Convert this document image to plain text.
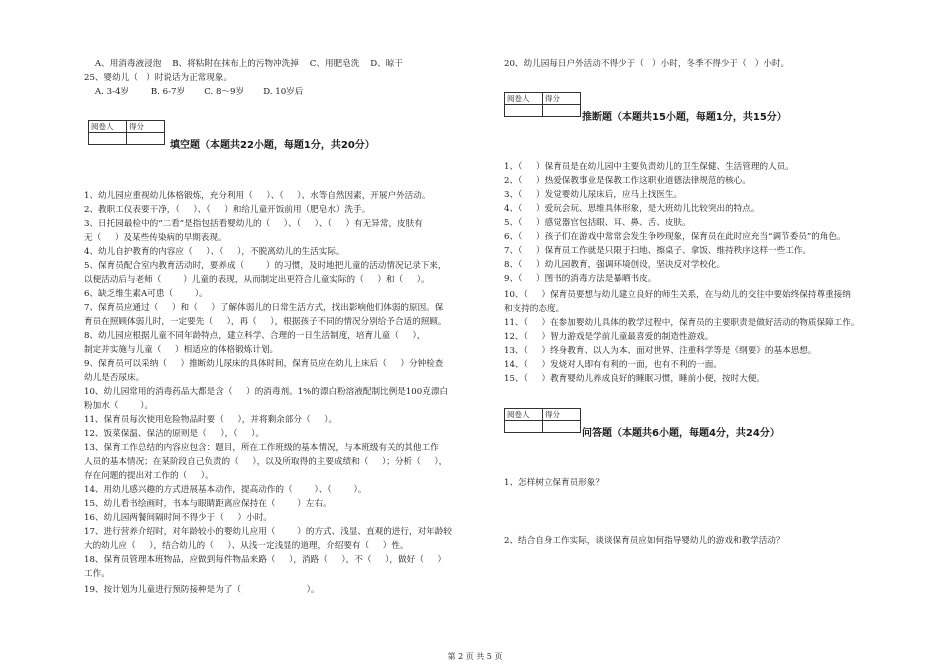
A、用消毒液浸泡    B、将粘附在抹布上的污物冲洗掉    C、用肥皂洗    D、晾干
25、婴幼儿（   ）时说话为正常现象。
A. 3-4岁        B. 6-7岁       C. 8～9岁       D. 10岁后
阅卷人	得分

填空题（本题共22小题，每题1分，共20分）
1、幼儿园应重视幼儿体格锻炼，充分利用（     ）、（     ）、水等自然因素，开展户外活动。
2、教职工仪表要干净，（     ）、（     ）和给儿童开饭前用（肥皂水）洗手。
3、日托园最检中的“二看”是指包括看婴幼儿的（     ）、（     ）、（     ）有无异常，皮肤有
无（     ）及某些传染病的早期表现。
4、幼儿自护教育的内容应（     ）、（     ），不脱离幼儿的生活实际。
5、保育员配合室内教育活动时，要养成（        ）的习惯，及时地把儿童的活动情况记录下来，
以便活动后与老师（        ）儿童的表现，从而制定出更符合儿童实际的（     ）和（     ）。
6、缺乏维生素A可患（        ）。
7、保育员应通过（     ）和（     ）了解体弱儿的日常生活方式，找出影响他们体弱的原因。保
育员在照顾体弱儿时，一定要先（     ），再（     ），根据孩子不同的情况分别给予合适的照顾。
8、幼儿园应根据儿童不同年龄特点，建立科学、合理的一日生活制度，培育儿童（     ），
制定并实施与儿童（     ）相适应的体格锻炼计划。
9、保育员可以采纳（     ）推断幼儿尿床的具体时间，保育员应在幼儿上床后（     ）分钟检查
幼儿是否尿床。
10、幼儿园常用的消毒药品大都是含（     ）的消毒剂。1%的漂白粉溶液配制比例是100克漂白
粉加水（        ）。
11、保育员每次使用危险物品时要（     ），并将剩余部分（     ）。
12、饭菜保温、保洁的原则是（     ），（     ）。
13、保育工作总结的内容应包含：题目，所在工作班级的基本情况，与本班级有关的其他工作
人员的基本情况；在某阶段自己负责的（     ），以及所取得的主要成绩和（     ）；分析（     ），
存在问题的提出对工作的（     ）。
14、用幼儿感兴趣的方式进展基本动作，提高动作的（        ）、（        ）。
15、幼儿看书绘画时，书本与眼睛距离应保持在（        ）左右。
16、幼儿园两餐间隔时间不得少于（     ）小时。
17、进行营养介绍时，对年龄较小的婴幼儿应用（        ）的方式、浅显、直观的进行，对年龄较
大的幼儿应（     ），结合幼儿的（     ）、从浅一定浅显的道理，介绍要有（     ）性。
18、保育员管理本班物品，应做到每件物品来路（     ），消路（     ），不（     ），做好（     ）
工作。
19、按计划为儿童进行预防接种是为了（                        ）。
20、幼儿园每日户外活动不得少于（   ）小时，冬季不得少于（   ）小时。
阅卷人	得分

推断题（本题共15小题，每题1分，共15分）
1、（     ）保育员是在幼儿园中主要负责幼儿的卫生保健、生活管理的人员。
2、（     ）热爱保教事业是保教工作这职业道德法律规范的核心。
3、（     ）发觉婴幼儿尿床后，应马上找医生。
4、（     ）爱玩会玩、思维具体形象，是大班幼儿比较突出的特点。
5、（     ）感觉器官包括眼、耳、鼻、舌、皮肤。
6、（     ）孩子们在游戏中常常会发生争吵现象，保育员在此时应充当“调节委员”的角色。
7、（     ）保育员工作就是只限于扫地、擦桌子、拿饭、维持秩序这样一些工作。
8、（     ）幼儿园教育，强调环境创设，坚决反对学校化。
9、（     ）图书的消毒方法是暴晒书皮。
10、（     ）保育员要想与幼儿建立良好的师生关系，在与幼儿的交往中要始终保持尊重接纳
和支持的态度。
11、（     ）在参加婴幼儿具体的教学过程中，保育员的主要职责是做好活动的物质保障工作。
12、（     ）智力游戏是学前儿童最喜爱的制造性游戏。
13、（     ）终身教育、以人为本、面对世界、注重科学等是《纲要》的基本思想。
14、（     ）发烧对人即有有利的一面，也有不利的一面。
15、（     ）教育婴幼儿养成良好的睡眠习惯，睡前小便，按时大便。
阅卷人	得分

问答题（本题共6小题，每题4分，共24分）
1、怎样树立保育员形象？
2、结合自身工作实际，谈谈保育员应如何指导婴幼儿的游戏和教学活动？
第 2 页 共 5 页
